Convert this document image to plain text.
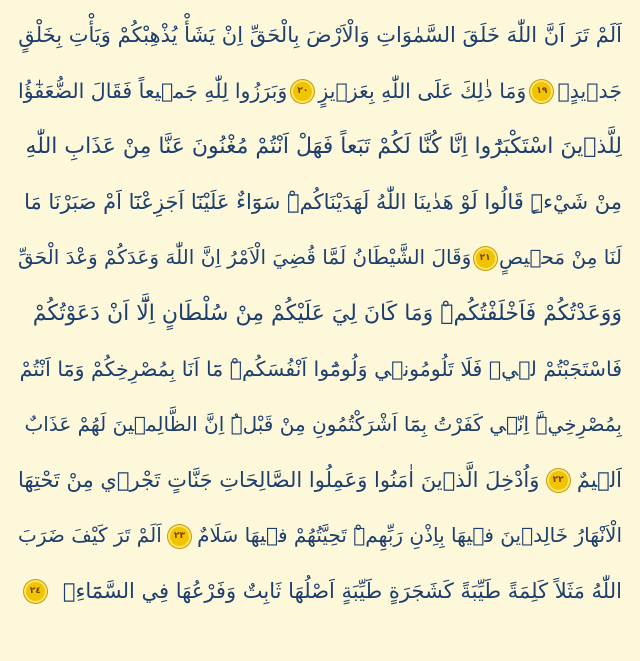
اَلَمْ تَرَ اَنَّ اللّٰهَ خَلَقَ السَّمٰوَاتِ وَالْاَرْضَ بِالْحَقِّ اِنْ يَشَأْ يُذْهِبْكُمْ وَيَأْتِ بِخَلْقٍ
جَد۪يدٍۙ
١٩
وَمَا ذٰلِكَ عَلَى اللّٰهِ بِعَز۪يزٍ
٢٠
وَبَرَزُوا لِلّٰهِ جَم۪يعاً فَقَالَ الضُّعَفٰٓؤُا
لِلَّذ۪ينَ اسْتَكْبَرُٓوا اِنَّا كُنَّا لَكُمْ تَبَعاً فَهَلْ اَنْتُمْ مُغْنُونَ عَنَّا مِنْ عَذَابِ اللّٰهِ
مِنْ شَيْءٍۜ قَالُوا لَوْ هَدٰينَا اللّٰهُ لَهَدَيْنَاكُمْۜ سَوَٓاءٌ عَلَيْنَٓا اَجَزِعْنَٓا اَمْ صَبَرْنَا مَا
لَنَا مِنْ مَح۪يصٍ
٢١
وَقَالَ الشَّيْطَانُ لَمَّا قُضِيَ الْاَمْرُ اِنَّ اللّٰهَ وَعَدَكُمْ وَعْدَ الْحَقِّ
وَوَعَدْتُكُمْ فَاَخْلَفْتُكُمْۜ وَمَا كَانَ لِيَ عَلَيْكُمْ مِنْ سُلْطَانٍ اِلَّٓا اَنْ دَعَوْتُكُمْ
فَاسْتَجَبْتُمْ ل۪يۚ فَلَا تَلُومُون۪ي وَلُومُٓوا اَنْفُسَكُمْۜ مَٓا اَنَا بِمُصْرِخِكُمْ وَمَٓا اَنْتُمْ
بِمُصْرِخِيَّۜ اِنّ۪ي كَفَرْتُ بِمَٓا اَشْرَكْتُمُونِ مِنْ قَبْلُۜ اِنَّ الظَّالِم۪ينَ لَهُمْ عَذَابٌ
اَل۪يمٌ
٢٢
وَاُدْخِلَ الَّذ۪ينَ اٰمَنُوا وَعَمِلُوا الصَّالِحَاتِ جَنَّاتٍ تَجْر۪ي مِنْ تَحْتِهَا
الْاَنْهَارُ خَالِد۪ينَ ف۪يهَا بِاِذْنِ رَبِّهِمْۜ تَحِيَّتُهُمْ ف۪يهَا سَلَامٌ
٢٣
اَلَمْ تَرَ كَيْفَ ضَرَبَ
اللّٰهُ مَثَلاً كَلِمَةً طَيِّبَةً كَشَجَرَةٍ طَيِّبَةٍ اَصْلُهَا ثَابِتٌ وَفَرْعُهَا فِي السَّمَٓاءِۙ
٢٤
